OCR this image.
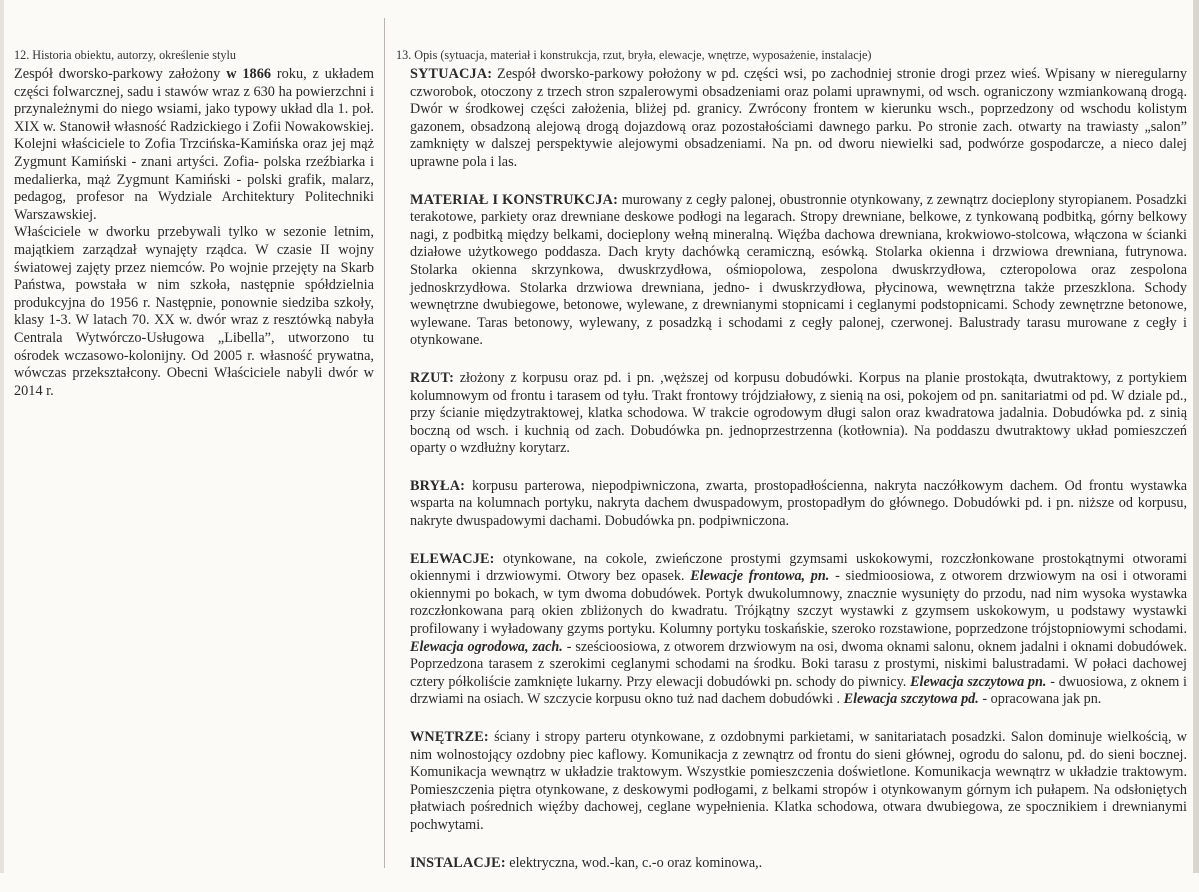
12. Historia obiektu, autorzy, określenie stylu

Zespół dworsko-parkowy założony w 1866 roku, z układem części folwarcznej, sadu i stawów wraz z 630 ha powierzchni i przynależnymi do niego wsiami, jako typowy układ dla 1. poł. XIX w. Stanowił własność Radzickiego i Zofii Nowakowskiej. Kolejni właściciele to Zofia Trzcińska-Kamińska oraz jej mąż Zygmunt Kamiński - znani artyści. Zofia- polska rzeźbiarka i medalierka, mąż Zygmunt Kamiński - polski grafik, malarz, pedagog, profesor na Wydziale Architektury Politechniki Warszawskiej.

Właściciele w dworku przebywali tylko w sezonie letnim, majątkiem zarządzał wynajęty rządca. W czasie II wojny światowej zajęty przez niemców. Po wojnie przejęty na Skarb Państwa, powstała w nim szkoła, następnie spółdzielnia produkcyjna do 1956 r. Następnie, ponownie siedziba szkoły, klasy 1-3. W latach 70. XX w. dwór wraz z resztówką nabyła Centrala Wytwórczo-Usługowa „Libella”, utworzono tu ośrodek wczasowo-kolonijny. Od 2005 r. własność prywatna, wówczas przekształcony. Obecni Właściciele nabyli dwór w 2014 r.

13. Opis (sytuacja, materiał i konstrukcja, rzut, bryła, elewacje, wnętrze, wyposażenie, instalacje)
SYTUACJA: Zespół dworsko-parkowy położony w pd. części wsi, po zachodniej stronie drogi przez wieś. Wpisany w nieregularny czworobok, otoczony z trzech stron szpalerowymi obsadzeniami oraz polami uprawnymi, od wsch. ograniczony wzmiankowaną drogą. Dwór w środkowej części założenia, bliżej pd. granicy. Zwrócony frontem w kierunku wsch., poprzedzony od wschodu kolistym gazonem, obsadzoną alejową drogą dojazdową oraz pozostałościami dawnego parku. Po stronie zach. otwarty na trawiasty „salon” zamknięty w dalszej perspektywie alejowymi obsadzeniami. Na pn. od dworu niewielki sad, podwórze gospodarcze, a nieco dalej uprawne pola i las.
MATERIAŁ I KONSTRUKCJA: murowany z cegły palonej, obustronnie otynkowany, z zewnątrz docieplony styropianem. Posadzki terakotowe, parkiety oraz drewniane deskowe podłogi na legarach. Stropy drewniane, belkowe, z tynkowaną podbitką, górny belkowy nagi, z podbitką między belkami, docieplony wełną mineralną. Więźba dachowa drewniana, krokwiowo-stolcowa, włączona w ścianki działowe użytkowego poddasza. Dach kryty dachówką ceramiczną, esówką. Stolarka okienna i drzwiowa drewniana, futrynowa. Stolarka okienna skrzynkowa, dwuskrzydłowa, ośmiopolowa, zespolona dwuskrzydłowa, czteropolowa oraz zespolona jednoskrzydłowa. Stolarka drzwiowa drewniana, jedno- i dwuskrzydłowa, płycinowa, wewnętrzna także przeszklona. Schody wewnętrzne dwubiegowe, betonowe, wylewane, z drewnianymi stopnicami i ceglanymi podstopnicami. Schody zewnętrzne betonowe, wylewane. Taras betonowy, wylewany, z posadzką i schodami z cegły palonej, czerwonej. Balustrady tarasu murowane z cegły i otynkowane.
RZUT: złożony z korpusu oraz pd. i pn. ,węższej od korpusu dobudówki. Korpus na planie prostokąta, dwutraktowy, z portykiem kolumnowym od frontu i tarasem od tyłu. Trakt frontowy trójdziałowy, z sienią na osi, pokojem od pn. sanitariatmi od pd. W dziale pd., przy ścianie międzytraktowej, klatka schodowa. W trakcie ogrodowym długi salon oraz kwadratowa jadalnia. Dobudówka pd. z sinią boczną od wsch. i kuchnią od zach. Dobudówka pn. jednoprzestrzenna (kotłownia). Na poddaszu dwutraktowy układ pomieszczeń oparty o wzdłużny korytarz.
BRYŁA: korpusu parterowa, niepodpiwniczona, zwarta, prostopadłościenna, nakryta naczółkowym dachem. Od frontu wystawka wsparta na kolumnach portyku, nakryta dachem dwuspadowym, prostopadłym do głównego. Dobudówki pd. i pn. niższe od korpusu, nakryte dwuspadowymi dachami. Dobudówka pn. podpiwniczona.
ELEWACJE: otynkowane, na cokole, zwieńczone prostymi gzymsami uskokowymi, rozczłonkowane prostokątnymi otworami okiennymi i drzwiowymi. Otwory bez opasek. Elewacje frontowa, pn. - siedmioosiowa, z otworem drzwiowym na osi i otworami okiennymi po bokach, w tym dwoma dobudówek. Portyk dwukolumnowy, znacznie wysunięty do przodu, nad nim wysoka wystawka rozczłonkowana parą okien zbliżonych do kwadratu. Trójkątny szczyt wystawki z gzymsem uskokowym, u podstawy wystawki profilowany i wyładowany gzyms portyku. Kolumny portyku toskańskie, szeroko rozstawione, poprzedzone trójstopniowymi schodami. Elewacja ogrodowa, zach. - sześcioosiowa, z otworem drzwiowym na osi, dwoma oknami salonu, oknem jadalni i oknami dobudówek. Poprzedzona tarasem z szerokimi ceglanymi schodami na środku. Boki tarasu z prostymi, niskimi balustradami. W połaci dachowej cztery półkoliście zamknięte lukarny. Przy elewacji dobudówki pn. schody do piwnicy. Elewacja szczytowa pn. - dwuosiowa, z oknem i drzwiami na osiach. W szczycie korpusu okno tuż nad dachem dobudówki . Elewacja szczytowa pd. - opracowana jak pn.
WNĘTRZE: ściany i stropy parteru otynkowane, z ozdobnymi parkietami, w sanitariatach posadzki. Salon dominuje wielkością, w nim wolnostojący ozdobny piec kaflowy. Komunikacja z zewnątrz od frontu do sieni głównej, ogrodu do salonu, pd. do sieni bocznej. Komunikacja wewnątrz w układzie traktowym. Wszystkie pomieszczenia doświetlone. Komunikacja wewnątrz w układzie traktowym. Pomieszczenia piętra otynkowane, z deskowymi podłogami, z belkami stropów i otynkowanym górnym ich pułapem. Na odsłoniętych płatwiach pośrednich więźby dachowej, ceglane wypełnienia. Klatka schodowa, otwara dwubiegowa, ze spocznikiem i drewnianymi pochwytami.
INSTALACJE: elektryczna, wod.-kan, c.-o oraz kominowa,.
